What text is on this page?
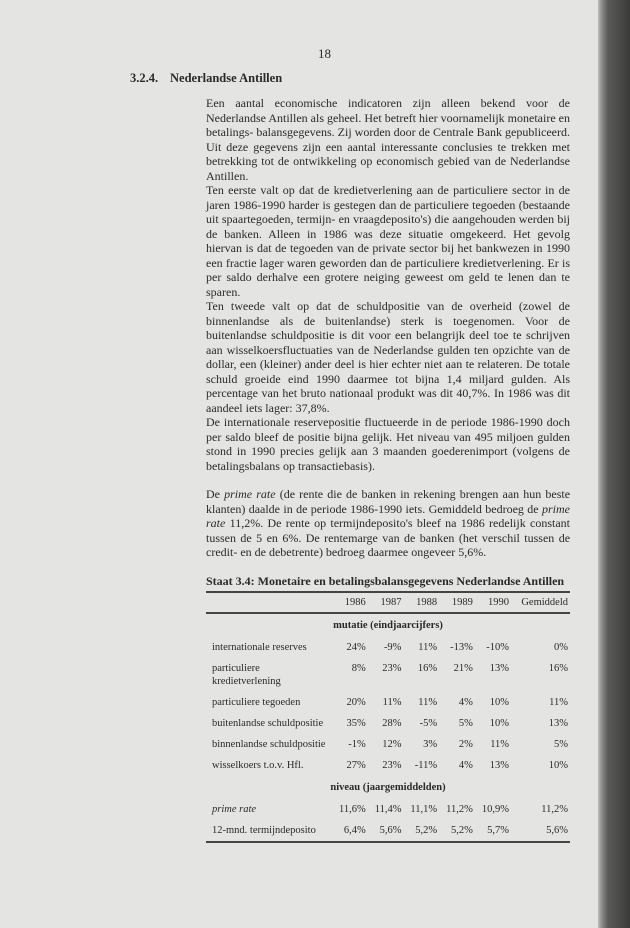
18
3.2.4. Nederlandse Antillen

Een aantal economische indicatoren zijn alleen bekend voor de Nederlandse Antillen als geheel. Het betreft hier voornamelijk monetaire en betalings- balansgegevens. Zij worden door de Centrale Bank gepubliceerd. Uit deze gegevens zijn een aantal interessante conclusies te trekken met betrekking tot de ontwikkeling op economisch gebied van de Nederlandse Antillen.

Ten eerste valt op dat de kredietverlening aan de particuliere sector in de jaren 1986-1990 harder is gestegen dan de particuliere tegoeden (bestaande uit spaartegoeden, termijn- en vraagdeposito's) die aangehouden werden bij de banken. Alleen in 1986 was deze situatie omgekeerd. Het gevolg hiervan is dat de tegoeden van de private sector bij het bankwezen in 1990 een fractie lager waren geworden dan de particuliere kredietverlening. Er is per saldo derhalve een grotere neiging geweest om geld te lenen dan te sparen.

Ten tweede valt op dat de schuldpositie van de overheid (zowel de binnenlandse als de buitenlandse) sterk is toegenomen. Voor de buitenlandse schuldpositie is dit voor een belangrijk deel toe te schrijven aan wisselkoersfluctuaties van de Nederlandse gulden ten opzichte van de dollar, een (kleiner) ander deel is hier echter niet aan te relateren. De totale schuld groeide eind 1990 daarmee tot bijna 1,4 miljard gulden. Als percentage van het bruto nationaal produkt was dit 40,7%. In 1986 was dit aandeel iets lager: 37,8%.

De internationale reservepositie fluctueerde in de periode 1986-1990 doch per saldo bleef de positie bijna gelijk. Het niveau van 495 miljoen gulden stond in 1990 precies gelijk aan 3 maanden goederenimport (volgens de betalingsbalans op transactiebasis).

De prime rate (de rente die de banken in rekening brengen aan hun beste klanten) daalde in de periode 1986-1990 iets. Gemiddeld bedroeg de prime rate 11,2%. De rente op termijndeposito's bleef na 1986 redelijk constant tussen de 5 en 6%. De rentemarge van de banken (het verschil tussen de credit- en de debetrente) bedroeg daarmee ongeveer 5,6%.

Staat 3.4: Monetaire en betalingsbalansgegevens Nederlandse Antillen
	1986	1987	1988	1989	1990	Gemiddeld
mutatie (eindjaarcijfers)						
internationale reserves	24%	-9%	11%	-13%	-10%	0%
particuliere kredietverlening	8%	23%	16%	21%	13%	16%
particuliere tegoeden	20%	11%	11%	4%	10%	11%
buitenlandse schuldpositie	35%	28%	-5%	5%	10%	13%
binnenlandse schuldpositie	-1%	12%	3%	2%	11%	5%
wisselkoers t.o.v. Hfl.	27%	23%	-11%	4%	13%	10%
niveau (jaargemiddelden)						
prime rate	11,6%	11,4%	11,1%	11,2%	10,9%	11,2%
12-mnd. termijndeposito	6,4%	5,6%	5,2%	5,2%	5,7%	5,6%
